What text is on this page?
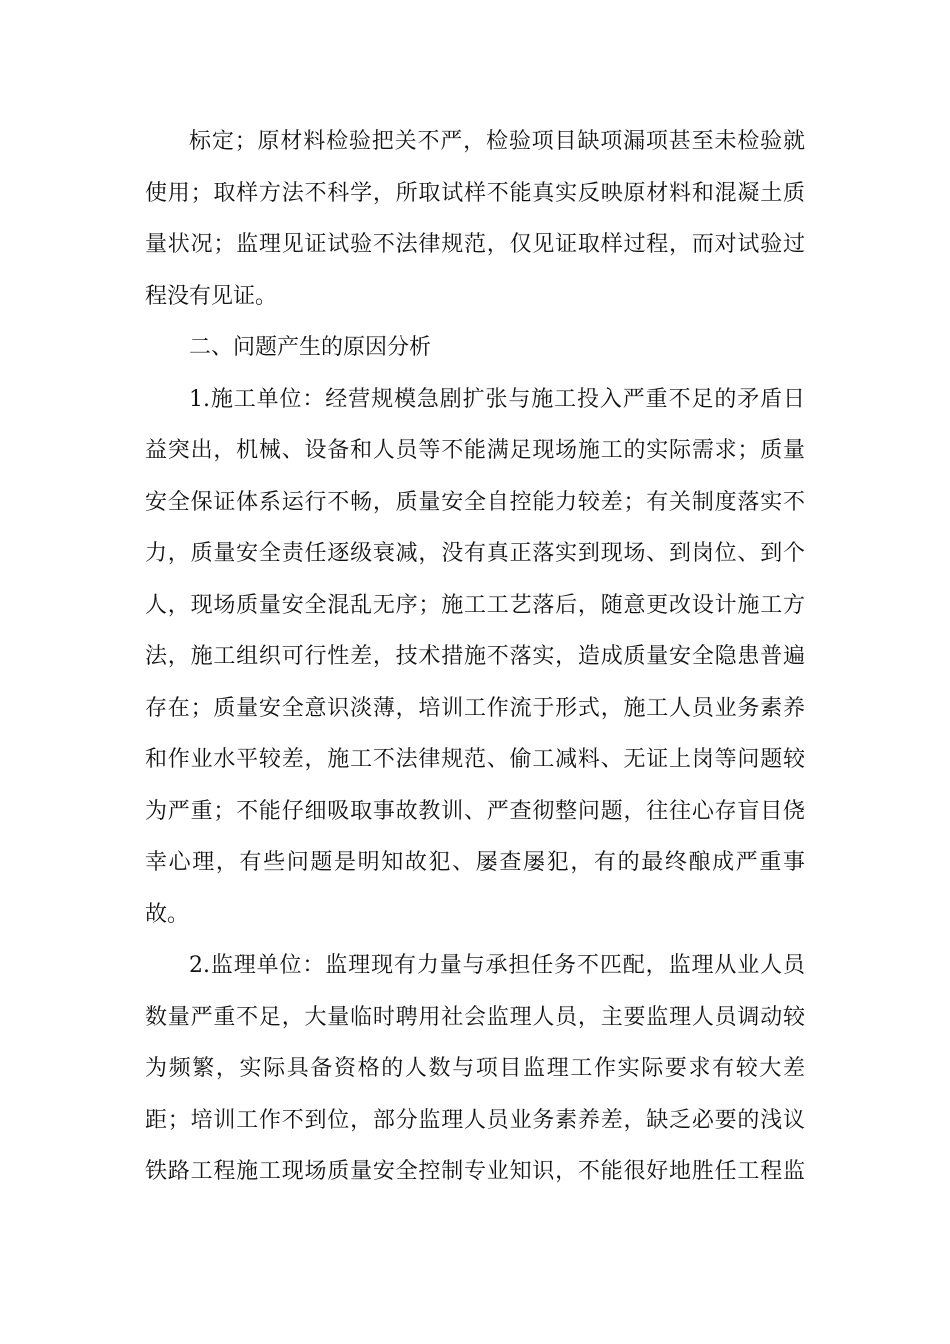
标定；原材料检验把关不严，检验项目缺项漏项甚至未检验就
使用；取样方法不科学，所取试样不能真实反映原材料和混凝土质
量状况；监理见证试验不法律规范，仅见证取样过程，而对试验过
程没有见证。
二、问题产生的原因分析
1.施工单位：经营规模急剧扩张与施工投入严重不足的矛盾日
益突出，机械、设备和人员等不能满足现场施工的实际需求；质量
安全保证体系运行不畅，质量安全自控能力较差；有关制度落实不
力，质量安全责任逐级衰减，没有真正落实到现场、到岗位、到个
人，现场质量安全混乱无序；施工工艺落后，随意更改设计施工方
法，施工组织可行性差，技术措施不落实，造成质量安全隐患普遍
存在；质量安全意识淡薄，培训工作流于形式，施工人员业务素养
和作业水平较差，施工不法律规范、偷工减料、无证上岗等问题较
为严重；不能仔细吸取事故教训、严查彻整问题，往往心存盲目侥
幸心理，有些问题是明知故犯、屡查屡犯，有的最终酿成严重事
故。
2.监理单位：监理现有力量与承担任务不匹配，监理从业人员
数量严重不足，大量临时聘用社会监理人员，主要监理人员调动较
为频繁，实际具备资格的人数与项目监理工作实际要求有较大差
距；培训工作不到位，部分监理人员业务素养差，缺乏必要的浅议
铁路工程施工现场质量安全控制专业知识，不能很好地胜任工程监
